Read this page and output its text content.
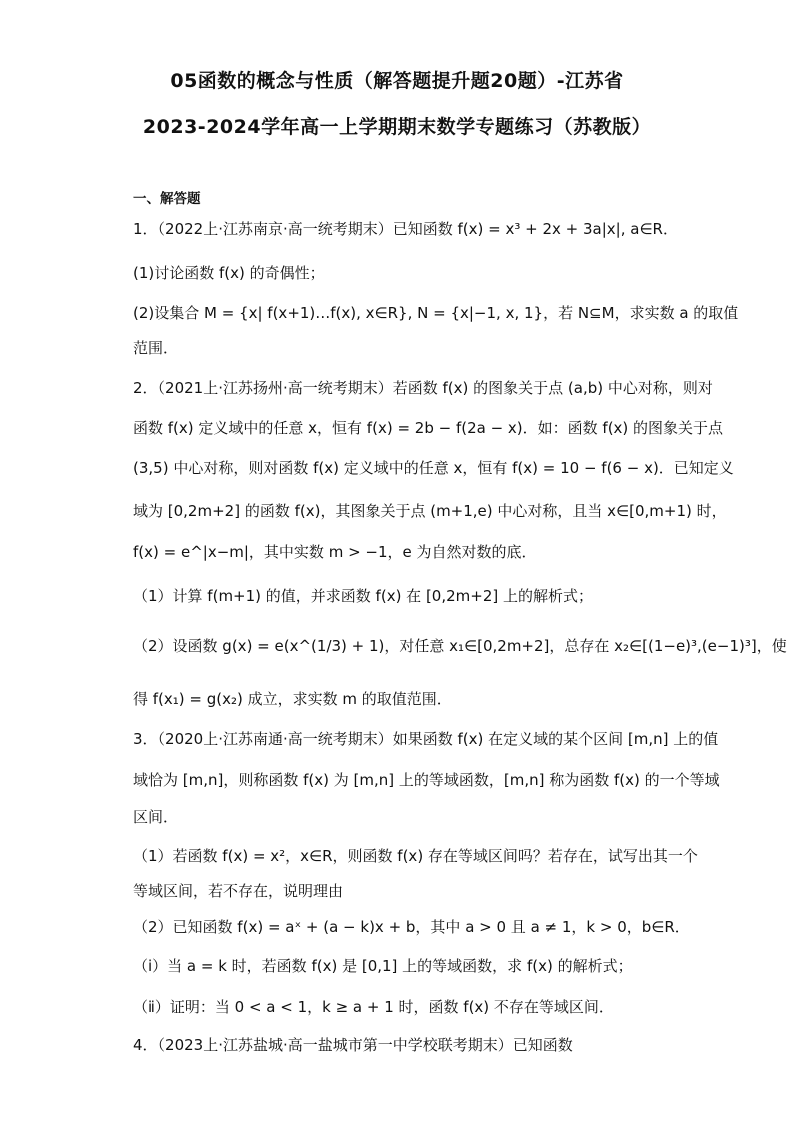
05函数的概念与性质（解答题提升题20题）-江苏省
2023-2024学年高一上学期期末数学专题练习（苏教版）
一、解答题
1．（2022上·江苏南京·高一统考期末）已知函数 f(x) = x³ + 2x + 3a|x|, a∈R．
(1)讨论函数 f(x) 的奇偶性；
(2)设集合 M = {x| f(x+1)…f(x), x∈R}, N = {x|−1, x, 1}，若 N⊆M，求实数 a 的取值
范围．
2．（2021上·江苏扬州·高一统考期末）若函数 f(x) 的图象关于点 (a,b) 中心对称，则对
函数 f(x) 定义域中的任意 x，恒有 f(x) = 2b − f(2a − x)．如：函数 f(x) 的图象关于点
(3,5) 中心对称，则对函数 f(x) 定义域中的任意 x，恒有 f(x) = 10 − f(6 − x)．已知定义
域为 [0,2m+2] 的函数 f(x)，其图象关于点 (m+1,e) 中心对称，且当 x∈[0,m+1) 时，
f(x) = e^|x−m|，其中实数 m > −1，e 为自然对数的底．
（1）计算 f(m+1) 的值，并求函数 f(x) 在 [0,2m+2] 上的解析式；
（2）设函数 g(x) = e(x^(1/3) + 1)，对任意 x₁∈[0,2m+2]，总存在 x₂∈[(1−e)³,(e−1)³]，使
得 f(x₁) = g(x₂) 成立，求实数 m 的取值范围．
3．（2020上·江苏南通·高一统考期末）如果函数 f(x) 在定义域的某个区间 [m,n] 上的值
域恰为 [m,n]，则称函数 f(x) 为 [m,n] 上的等域函数，[m,n] 称为函数 f(x) 的一个等域
区间．
（1）若函数 f(x) = x²，x∈R，则函数 f(x) 存在等域区间吗？若存在，试写出其一个
等域区间，若不存在，说明理由
（2）已知函数 f(x) = aˣ + (a − k)x + b，其中 a > 0 且 a ≠ 1，k > 0，b∈R．
（ⅰ）当 a = k 时，若函数 f(x) 是 [0,1] 上的等域函数，求 f(x) 的解析式；
（ⅱ）证明：当 0 < a < 1，k ≥ a + 1 时，函数 f(x) 不存在等域区间．
4．（2023上·江苏盐城·高一盐城市第一中学校联考期末）已知函数
